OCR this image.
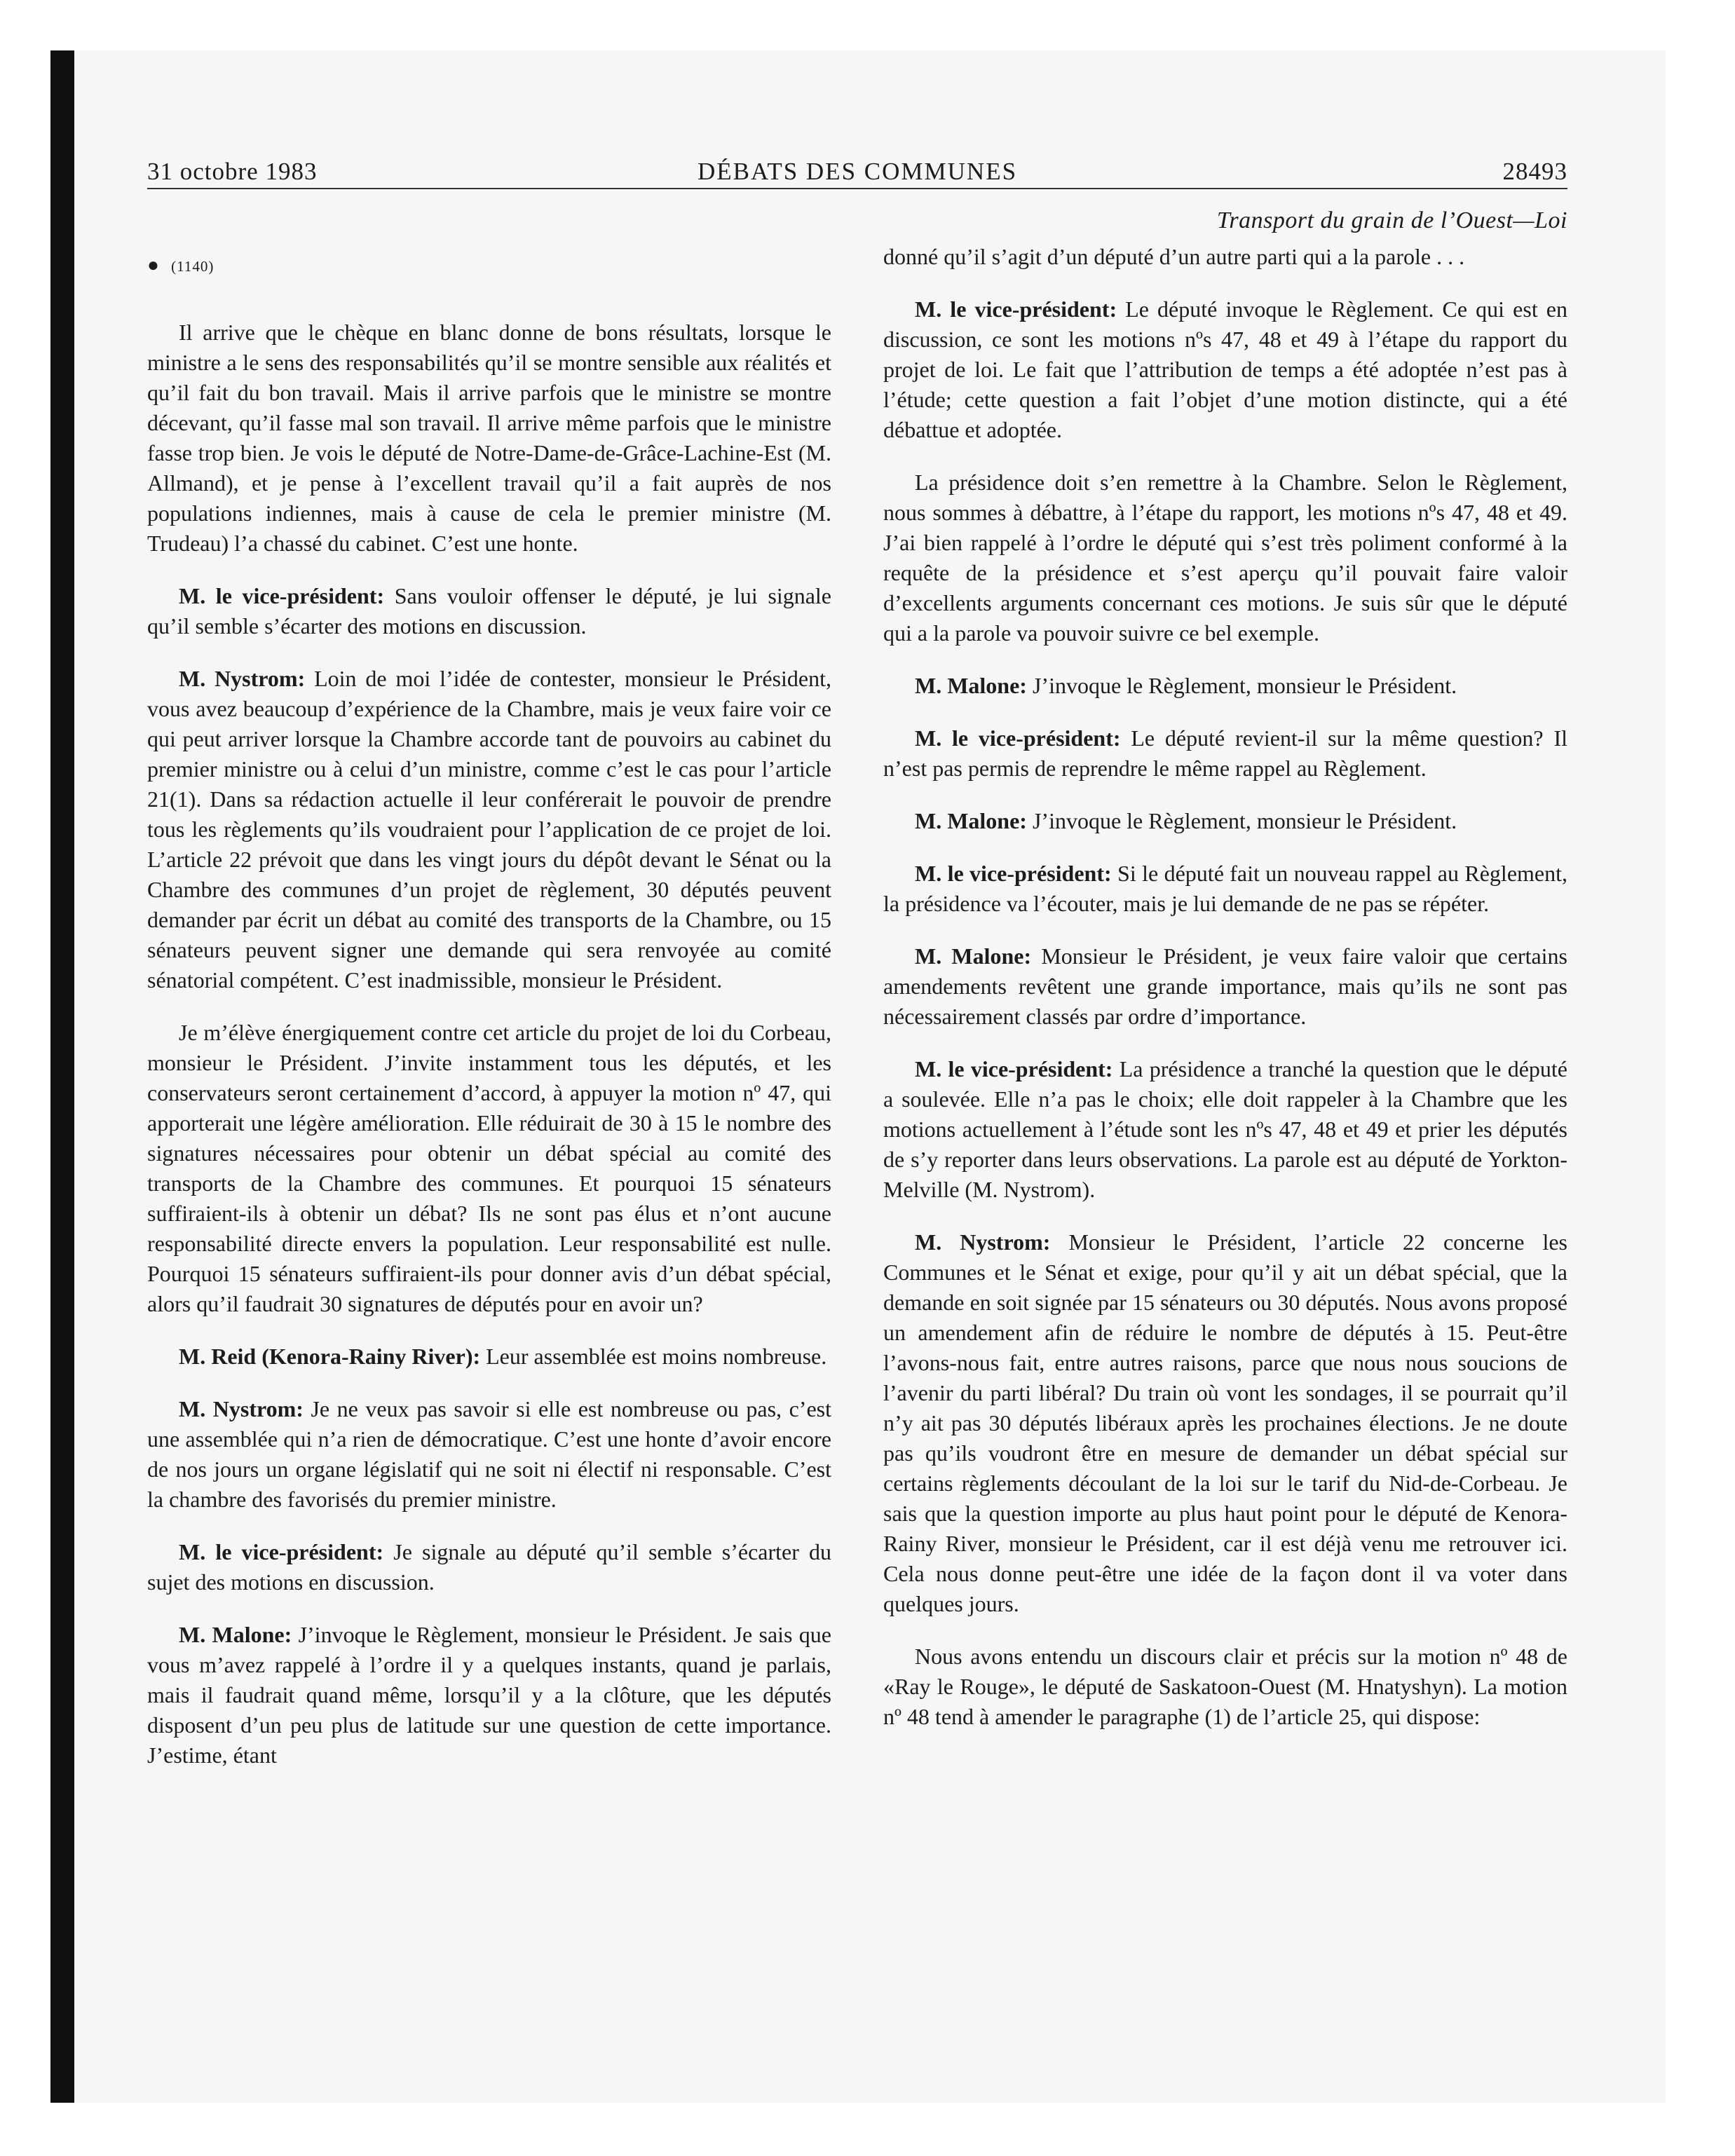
31 octobre 1983	DÉBATS DES COMMUNES	28493
Transport du grain de l’Ouest—Loi
● (1140)

Il arrive que le chèque en blanc donne de bons résultats, lorsque le ministre a le sens des responsabilités qu’il se montre sensible aux réalités et qu’il fait du bon travail. Mais il arrive parfois que le ministre se montre décevant, qu’il fasse mal son travail. Il arrive même parfois que le ministre fasse trop bien. Je vois le député de Notre-Dame-de-Grâce-Lachine-Est (M. Allmand), et je pense à l’excellent travail qu’il a fait auprès de nos populations indiennes, mais à cause de cela le premier ministre (M. Trudeau) l’a chassé du cabinet. C’est une honte.

M. le vice-président: Sans vouloir offenser le député, je lui signale qu’il semble s’écarter des motions en discussion.

M. Nystrom: Loin de moi l’idée de contester, monsieur le Président, vous avez beaucoup d’expérience de la Chambre, mais je veux faire voir ce qui peut arriver lorsque la Chambre accorde tant de pouvoirs au cabinet du premier ministre ou à celui d’un ministre, comme c’est le cas pour l’article 21(1). Dans sa rédaction actuelle il leur conférerait le pouvoir de prendre tous les règlements qu’ils voudraient pour l’application de ce projet de loi. L’article 22 prévoit que dans les vingt jours du dépôt devant le Sénat ou la Chambre des communes d’un projet de règlement, 30 députés peuvent demander par écrit un débat au comité des transports de la Chambre, ou 15 sénateurs peuvent signer une demande qui sera renvoyée au comité sénatorial compétent. C’est inadmissible, monsieur le Président.

Je m’élève énergiquement contre cet article du projet de loi du Corbeau, monsieur le Président. J’invite instamment tous les députés, et les conservateurs seront certainement d’accord, à appuyer la motion nº 47, qui apporterait une légère amélioration. Elle réduirait de 30 à 15 le nombre des signatures nécessaires pour obtenir un débat spécial au comité des transports de la Chambre des communes. Et pourquoi 15 sénateurs suffiraient-ils à obtenir un débat? Ils ne sont pas élus et n’ont aucune responsabilité directe envers la population. Leur responsabilité est nulle. Pourquoi 15 sénateurs suffiraient-ils pour donner avis d’un débat spécial, alors qu’il faudrait 30 signatures de députés pour en avoir un?

M. Reid (Kenora-Rainy River): Leur assemblée est moins nombreuse.

M. Nystrom: Je ne veux pas savoir si elle est nombreuse ou pas, c’est une assemblée qui n’a rien de démocratique. C’est une honte d’avoir encore de nos jours un organe législatif qui ne soit ni électif ni responsable. C’est la chambre des favorisés du premier ministre.

M. le vice-président: Je signale au député qu’il semble s’écarter du sujet des motions en discussion.

M. Malone: J’invoque le Règlement, monsieur le Président. Je sais que vous m’avez rappelé à l’ordre il y a quelques instants, quand je parlais, mais il faudrait quand même, lorsqu’il y a la clôture, que les députés disposent d’un peu plus de latitude sur une question de cette importance. J’estime, étant

donné qu’il s’agit d’un député d’un autre parti qui a la parole . . .

M. le vice-président: Le député invoque le Règlement. Ce qui est en discussion, ce sont les motions nºs 47, 48 et 49 à l’étape du rapport du projet de loi. Le fait que l’attribution de temps a été adoptée n’est pas à l’étude; cette question a fait l’objet d’une motion distincte, qui a été débattue et adoptée.

La présidence doit s’en remettre à la Chambre. Selon le Règlement, nous sommes à débattre, à l’étape du rapport, les motions nºs 47, 48 et 49. J’ai bien rappelé à l’ordre le député qui s’est très poliment conformé à la requête de la présidence et s’est aperçu qu’il pouvait faire valoir d’excellents arguments concernant ces motions. Je suis sûr que le député qui a la parole va pouvoir suivre ce bel exemple.

M. Malone: J’invoque le Règlement, monsieur le Président.

M. le vice-président: Le député revient-il sur la même question? Il n’est pas permis de reprendre le même rappel au Règlement.

M. Malone: J’invoque le Règlement, monsieur le Président.

M. le vice-président: Si le député fait un nouveau rappel au Règlement, la présidence va l’écouter, mais je lui demande de ne pas se répéter.

M. Malone: Monsieur le Président, je veux faire valoir que certains amendements revêtent une grande importance, mais qu’ils ne sont pas nécessairement classés par ordre d’importance.

M. le vice-président: La présidence a tranché la question que le député a soulevée. Elle n’a pas le choix; elle doit rappeler à la Chambre que les motions actuellement à l’étude sont les nºs 47, 48 et 49 et prier les députés de s’y reporter dans leurs observations. La parole est au député de Yorkton-Melville (M. Nystrom).

M. Nystrom: Monsieur le Président, l’article 22 concerne les Communes et le Sénat et exige, pour qu’il y ait un débat spécial, que la demande en soit signée par 15 sénateurs ou 30 députés. Nous avons proposé un amendement afin de réduire le nombre de députés à 15. Peut-être l’avons-nous fait, entre autres raisons, parce que nous nous soucions de l’avenir du parti libéral? Du train où vont les sondages, il se pourrait qu’il n’y ait pas 30 députés libéraux après les prochaines élections. Je ne doute pas qu’ils voudront être en mesure de demander un débat spécial sur certains règlements découlant de la loi sur le tarif du Nid-de-Corbeau. Je sais que la question importe au plus haut point pour le député de Kenora-Rainy River, monsieur le Président, car il est déjà venu me retrouver ici. Cela nous donne peut-être une idée de la façon dont il va voter dans quelques jours.

Nous avons entendu un discours clair et précis sur la motion nº 48 de «Ray le Rouge», le député de Saskatoon-Ouest (M. Hnatyshyn). La motion nº 48 tend à amender le paragraphe (1) de l’article 25, qui dispose:
